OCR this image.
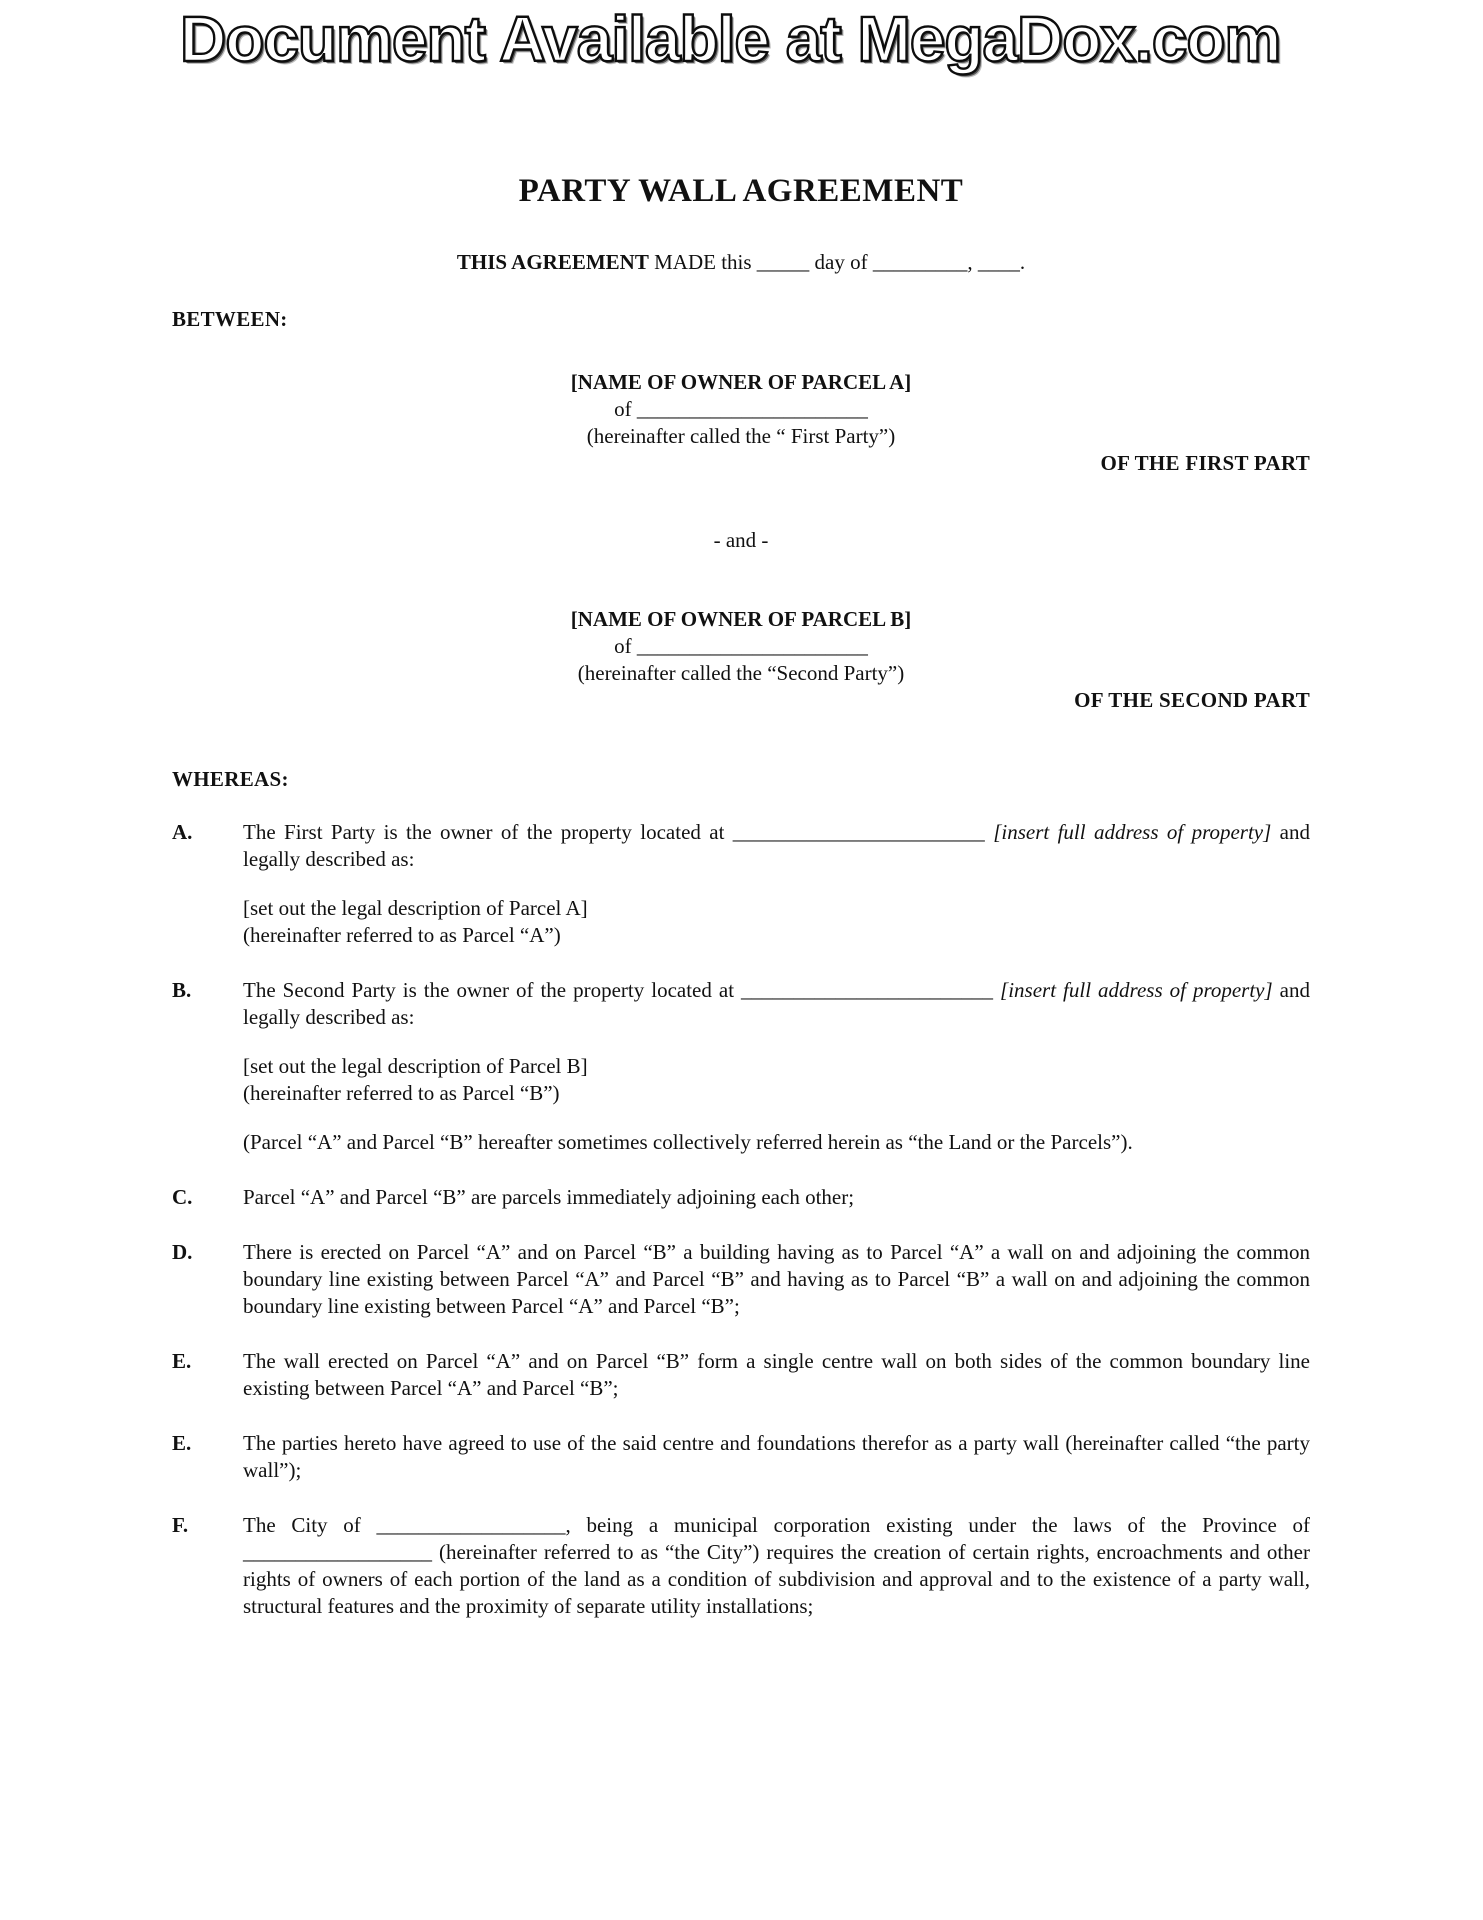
Document Available at MegaDox.com
PARTY WALL AGREEMENT

THIS AGREEMENT MADE this _____ day of _________, ____.

BETWEEN:

[NAME OF OWNER OF PARCEL A]
of ______________________
(hereinafter called the “ First Party”)
OF THE FIRST PART
- and -
[NAME OF OWNER OF PARCEL B]
of ______________________
(hereinafter called the “Second Party”)
OF THE SECOND PART

WHEREAS:

A.	The First Party is the owner of the property located at ________________________ [insert full address of property] and legally described as:

[set out the legal description of Parcel A]
(hereinafter referred to as Parcel “A”)

B.	The Second Party is the owner of the property located at ________________________ [insert full address of property] and legally described as:

[set out the legal description of Parcel B]
(hereinafter referred to as Parcel “B”)

(Parcel “A” and Parcel “B” hereafter sometimes collectively referred herein as “the Land or the Parcels”).

C.	Parcel “A” and Parcel “B” are parcels immediately adjoining each other;

D.	There is erected on Parcel “A” and on Parcel “B” a building having as to Parcel “A” a wall on and adjoining the common boundary line existing between Parcel “A” and Parcel “B” and having as to Parcel “B” a wall on and adjoining the common boundary line existing between Parcel “A” and Parcel “B”;

E.	The wall erected on Parcel “A” and on Parcel “B” form a single centre wall on both sides of the common boundary line existing between Parcel “A” and Parcel “B”;

E.	The parties hereto have agreed to use of the said centre and foundations therefor as a party wall (hereinafter called “the party wall”);

F.	The City of __________________, being a municipal corporation existing under the laws of the Province of __________________ (hereinafter referred to as “the City”) requires the creation of certain rights, encroachments and other rights of owners of each portion of the land as a condition of subdivision and approval and to the existence of a party wall, structural features and the proximity of separate utility installations;
